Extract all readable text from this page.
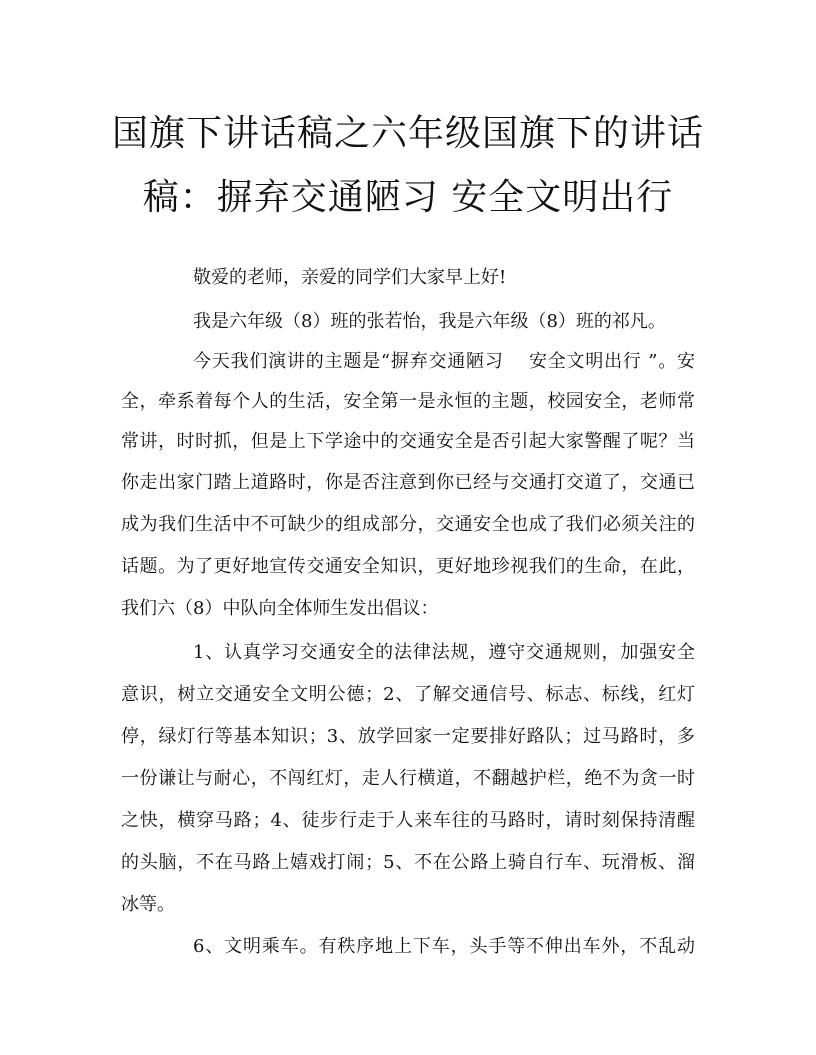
国旗下讲话稿之六年级国旗下的讲话
稿：摒弃交通陋习 安全文明出行
敬爱的老师，亲爱的同学们大家早上好!
我是六年级（8）班的张若怡，我是六年级（8）班的祁凡。
今天我们演讲的主题是“摒弃交通陋习　 安全文明出行 ”。安
全，牵系着每个人的生活，安全第一是永恒的主题，校园安全，老师常
常讲，时时抓，但是上下学途中的交通安全是否引起大家警醒了呢？当
你走出家门踏上道路时，你是否注意到你已经与交通打交道了，交通已
成为我们生活中不可缺少的组成部分，交通安全也成了我们必须关注的
话题。为了更好地宣传交通安全知识，更好地珍视我们的生命，在此，
我们六（8）中队向全体师生发出倡议：
1、认真学习交通安全的法律法规，遵守交通规则，加强安全
意识，树立交通安全文明公德；2、了解交通信号、标志、标线，红灯
停，绿灯行等基本知识；3、放学回家一定要排好路队；过马路时，多
一份谦让与耐心，不闯红灯，走人行横道，不翻越护栏，绝不为贪一时
之快，横穿马路；4、徒步行走于人来车往的马路时，请时刻保持清醒
的头脑，不在马路上嬉戏打闹；5、不在公路上骑自行车、玩滑板、溜
冰等。
6、文明乘车。有秩序地上下车，头手等不伸出车外，不乱动
